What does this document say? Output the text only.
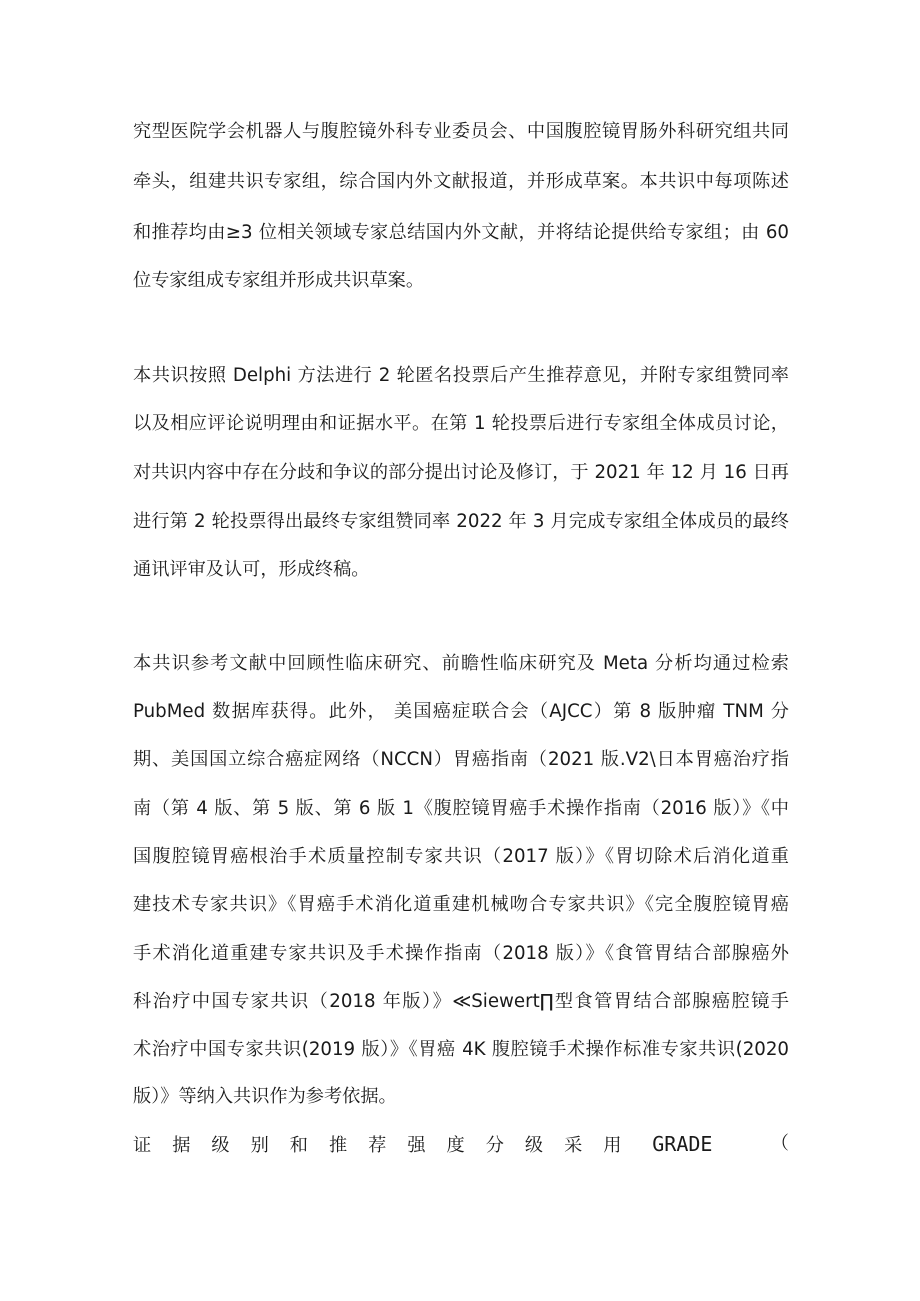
究型医院学会机器人与腹腔镜外科专业委员会、中国腹腔镜胃肠外科研究组共同
牵头，组建共识专家组，综合国内外文献报道，并形成草案。本共识中每项陈述
和推荐均由≥3 位相关领域专家总结国内外文献，并将结论提供给专家组；由 60
位专家组成专家组并形成共识草案。
本共识按照 Delphi 方法进行 2 轮匿名投票后产生推荐意见，并附专家组赞同率
以及相应评论说明理由和证据水平。在第 1 轮投票后进行专家组全体成员讨论，
对共识内容中存在分歧和争议的部分提出讨论及修订，于 2021 年 12 月 16 日再
进行第 2 轮投票得出最终专家组赞同率 2022 年 3 月完成专家组全体成员的最终
通讯评审及认可，形成终稿。
本共识参考文献中回顾性临床研究、前瞻性临床研究及 Meta 分析均通过检索
PubMed 数据库获得。此外， 美国癌症联合会（AJCC）第 8 版肿瘤 TNM 分
期、美国国立综合癌症网络（NCCN）胃癌指南（2021 版.V2\日本胃癌治疗指
南（第 4 版、第 5 版、第 6 版 1《腹腔镜胃癌手术操作指南（2016 版）》《中
国腹腔镜胃癌根治手术质量控制专家共识（2017 版）》《胃切除术后消化道重
建技术专家共识》《胃癌手术消化道重建机械吻合专家共识》《完全腹腔镜胃癌
手术消化道重建专家共识及手术操作指南（2018 版）》《食管胃结合部腺癌外
科治疗中国专家共识（2018 年版）》≪Siewert∏型食管胃结合部腺癌腔镜手
术治疗中国专家共识(2019 版）》《胃癌 4K 腹腔镜手术操作标准专家共识(2020
版）》等纳入共识作为参考依据。
证据级别和推荐强度分级采用 GRADE	（
